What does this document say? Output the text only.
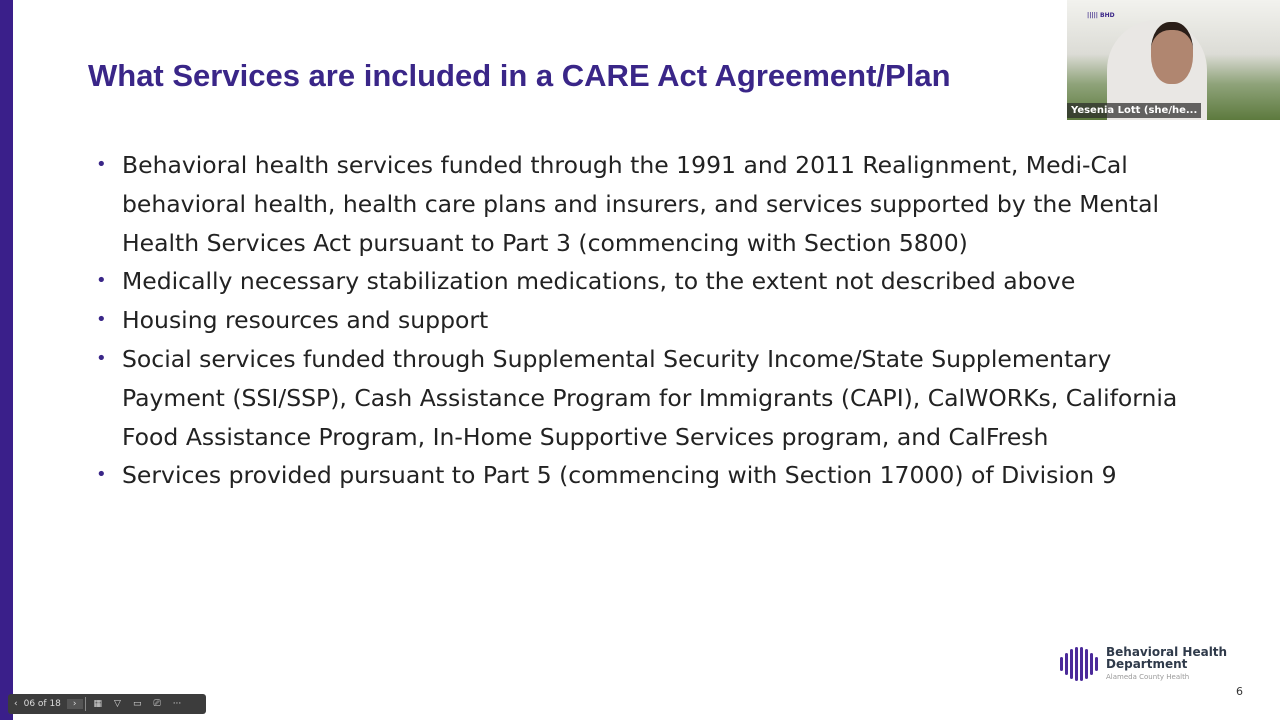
What Services are included in a CARE Act Agreement/Plan
• Behavioral health services funded through the 1991 and 2011 Realignment, Medi-Cal behavioral health, health care plans and insurers, and services supported by the Mental Health Services Act pursuant to Part 3 (commencing with Section 5800)
• Medically necessary stabilization medications, to the extent not described above
• Housing resources and support
• Social services funded through Supplemental Security Income/State Supplementary Payment (SSI/SSP), Cash Assistance Program for Immigrants (CAPI), CalWORKs, California Food Assistance Program, In-Home Supportive Services program, and CalFresh
• Services provided pursuant to Part 5 (commencing with Section 17000) of Division 9
||||| BHD
Yesenia Lott (she/he...
Behavioral Health
Department
Alameda County Health
6
‹ 06 of 18	›	▦	▽	▭	⎚	···
